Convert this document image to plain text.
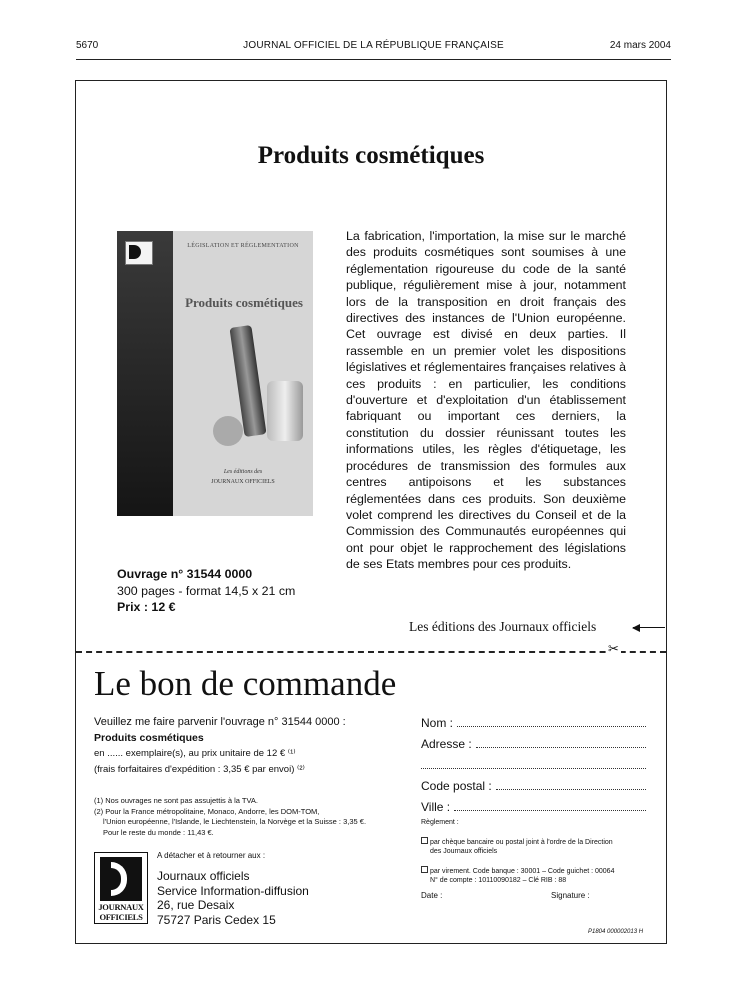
5670	JOURNAL OFFICIEL DE LA RÉPUBLIQUE FRANÇAISE	24 mars 2004
Produits cosmétiques
LÉGISLATION ET RÉGLEMENTATION
Produits cosmétiques
Les éditions des
JOURNAUX OFFICIELS
La fabrication, l'importation, la mise sur le marché des produits cosmétiques sont soumises à une réglementation rigoureuse du code de la santé publique, régulièrement mise à jour, notamment lors de la transposition en droit français des directives des instances de l'Union européenne. Cet ouvrage est divisé en deux parties. Il rassemble en un premier volet les dispositions législatives et réglementaires françaises relatives à ces produits : en particulier, les conditions d'ouverture et d'exploitation d'un établissement fabriquant ou important ces derniers, la constitution du dossier réunissant toutes les informations utiles, les règles d'étiquetage, les procédures de transmission des formules aux centres antipoisons et les substances réglementées dans ces produits. Son deuxième volet comprend les directives du Conseil et de la Commission des Communautés européennes qui ont pour objet le rapprochement des législations de ses Etats membres pour ces produits.
Ouvrage n° 31544 0000
300 pages - format 14,5 x 21 cm
Prix : 12 €
Les éditions des Journaux officiels
✂
Le bon de commande
Veuillez me faire parvenir l'ouvrage n° 31544 0000 :
Produits cosmétiques
en ...... exemplaire(s), au prix unitaire de 12 € ⁽¹⁾
(frais forfaitaires d'expédition : 3,35 € par envoi) ⁽²⁾
(1) Nos ouvrages ne sont pas assujettis à la TVA.
(2) Pour la France métropolitaine, Monaco, Andorre, les DOM-TOM,
l'Union européenne, l'Islande, le Liechtenstein, la Norvège et la Suisse : 3,35 €.
Pour le reste du monde : 11,43 €.
A détacher et à retourner aux :
JOURNAUX
OFFICIELS
Journaux officiels
Service Information-diffusion
26, rue Desaix
75727 Paris Cedex 15
Nom :
Adresse :
Code postal :
Ville :
Règlement :
par chèque bancaire ou postal joint à l'ordre de la Direction
des Journaux officiels
par virement. Code banque : 30001 – Code guichet : 00064
N° de compte : 10110090182 – Clé RIB : 88
Date :	Signature :
P1804 000002013 H
